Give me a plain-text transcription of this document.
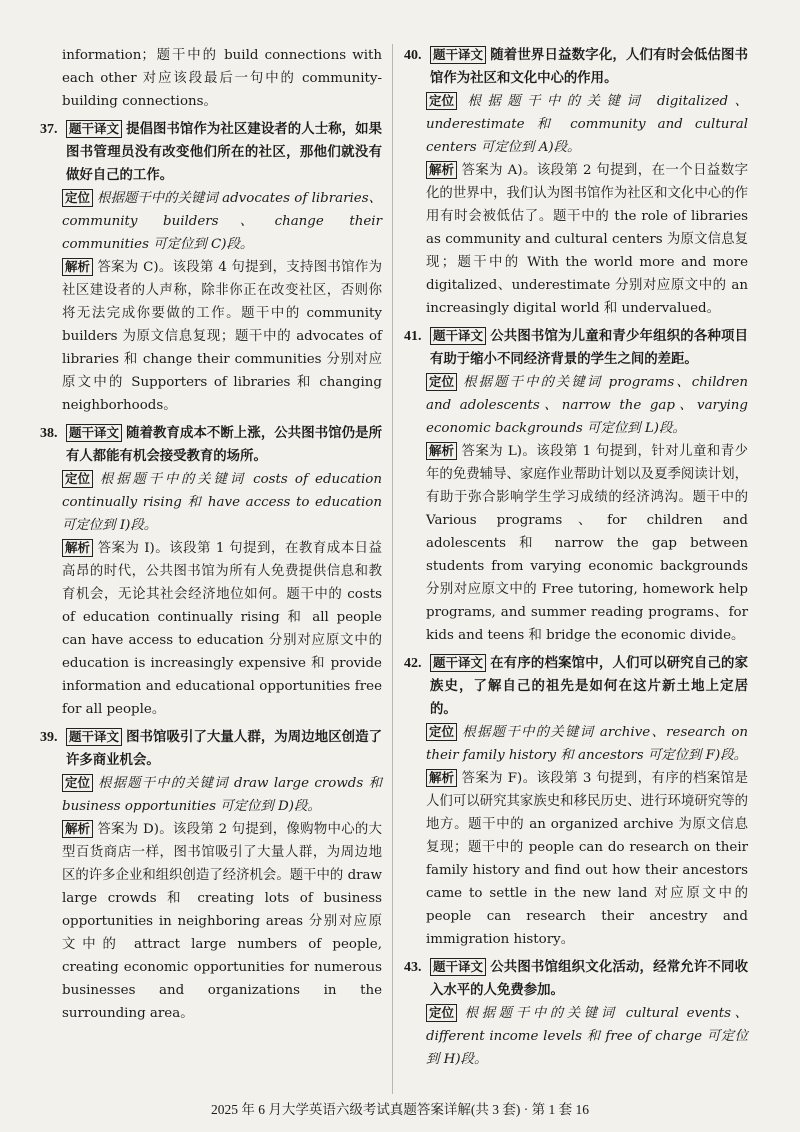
information；题干中的 build connections with each other 对应该段最后一句中的 community-building connections。

37. 题干译文 提倡图书馆作为社区建设者的人士称，如果图书管理员没有改变他们所在的社区，那他们就没有做好自己的工作。

定位 根据题干中的关键词 advocates of libraries、community builders、change their communities 可定位到 C)段。

解析 答案为 C)。该段第 4 句提到，支持图书馆作为社区建设者的人声称，除非你正在改变社区，否则你将无法完成你要做的工作。题干中的 community builders 为原文信息复现；题干中的 advocates of libraries 和 change their communities 分别对应原文中的 Supporters of libraries 和 changing neighborhoods。

38. 题干译文 随着教育成本不断上涨，公共图书馆仍是所有人都能有机会接受教育的场所。

定位 根据题干中的关键词 costs of education continually rising 和 have access to education 可定位到 I)段。

解析 答案为 I)。该段第 1 句提到，在教育成本日益高昂的时代，公共图书馆为所有人免费提供信息和教育机会，无论其社会经济地位如何。题干中的 costs of education continually rising 和 all people can have access to education 分别对应原文中的 education is increasingly expensive 和 provide information and educational opportunities free for all people。

39. 题干译文 图书馆吸引了大量人群，为周边地区创造了许多商业机会。

定位 根据题干中的关键词 draw large crowds 和 business opportunities 可定位到 D)段。

解析 答案为 D)。该段第 2 句提到，像购物中心的大型百货商店一样，图书馆吸引了大量人群，为周边地区的许多企业和组织创造了经济机会。题干中的 draw large crowds 和 creating lots of business opportunities in neighboring areas 分别对应原文中的 attract large numbers of people, creating economic opportunities for numerous businesses and organizations in the surrounding area。

40. 题干译文 随着世界日益数字化，人们有时会低估图书馆作为社区和文化中心的作用。

定位 根据题干中的关键词 digitalized、underestimate 和 community and cultural centers 可定位到 A)段。

解析 答案为 A)。该段第 2 句提到，在一个日益数字化的世界中，我们认为图书馆作为社区和文化中心的作用有时会被低估了。题干中的 the role of libraries as community and cultural centers 为原文信息复现；题干中的 With the world more and more digitalized、underestimate 分别对应原文中的 an increasingly digital world 和 undervalued。

41. 题干译文 公共图书馆为儿童和青少年组织的各种项目有助于缩小不同经济背景的学生之间的差距。

定位 根据题干中的关键词 programs、children and adolescents、narrow the gap、varying economic backgrounds 可定位到 L)段。

解析 答案为 L)。该段第 1 句提到，针对儿童和青少年的免费辅导、家庭作业帮助计划以及夏季阅读计划，有助于弥合影响学生学习成绩的经济鸿沟。题干中的 Various programs、for children and adolescents 和 narrow the gap between students from varying economic backgrounds 分别对应原文中的 Free tutoring, homework help programs, and summer reading programs、for kids and teens 和 bridge the economic divide。

42. 题干译文 在有序的档案馆中，人们可以研究自己的家族史，了解自己的祖先是如何在这片新土地上定居的。

定位 根据题干中的关键词 archive、research on their family history 和 ancestors 可定位到 F)段。

解析 答案为 F)。该段第 3 句提到，有序的档案馆是人们可以研究其家族史和移民历史、进行环境研究等的地方。题干中的 an organized archive 为原文信息复现；题干中的 people can do research on their family history and find out how their ancestors came to settle in the new land 对应原文中的 people can research their ancestry and immigration history。

43. 题干译文 公共图书馆组织文化活动，经常允许不同收入水平的人免费参加。

定位 根据题干中的关键词 cultural events、different income levels 和 free of charge 可定位到 H)段。

2025 年 6 月大学英语六级考试真题答案详解(共 3 套) · 第 1 套 16
